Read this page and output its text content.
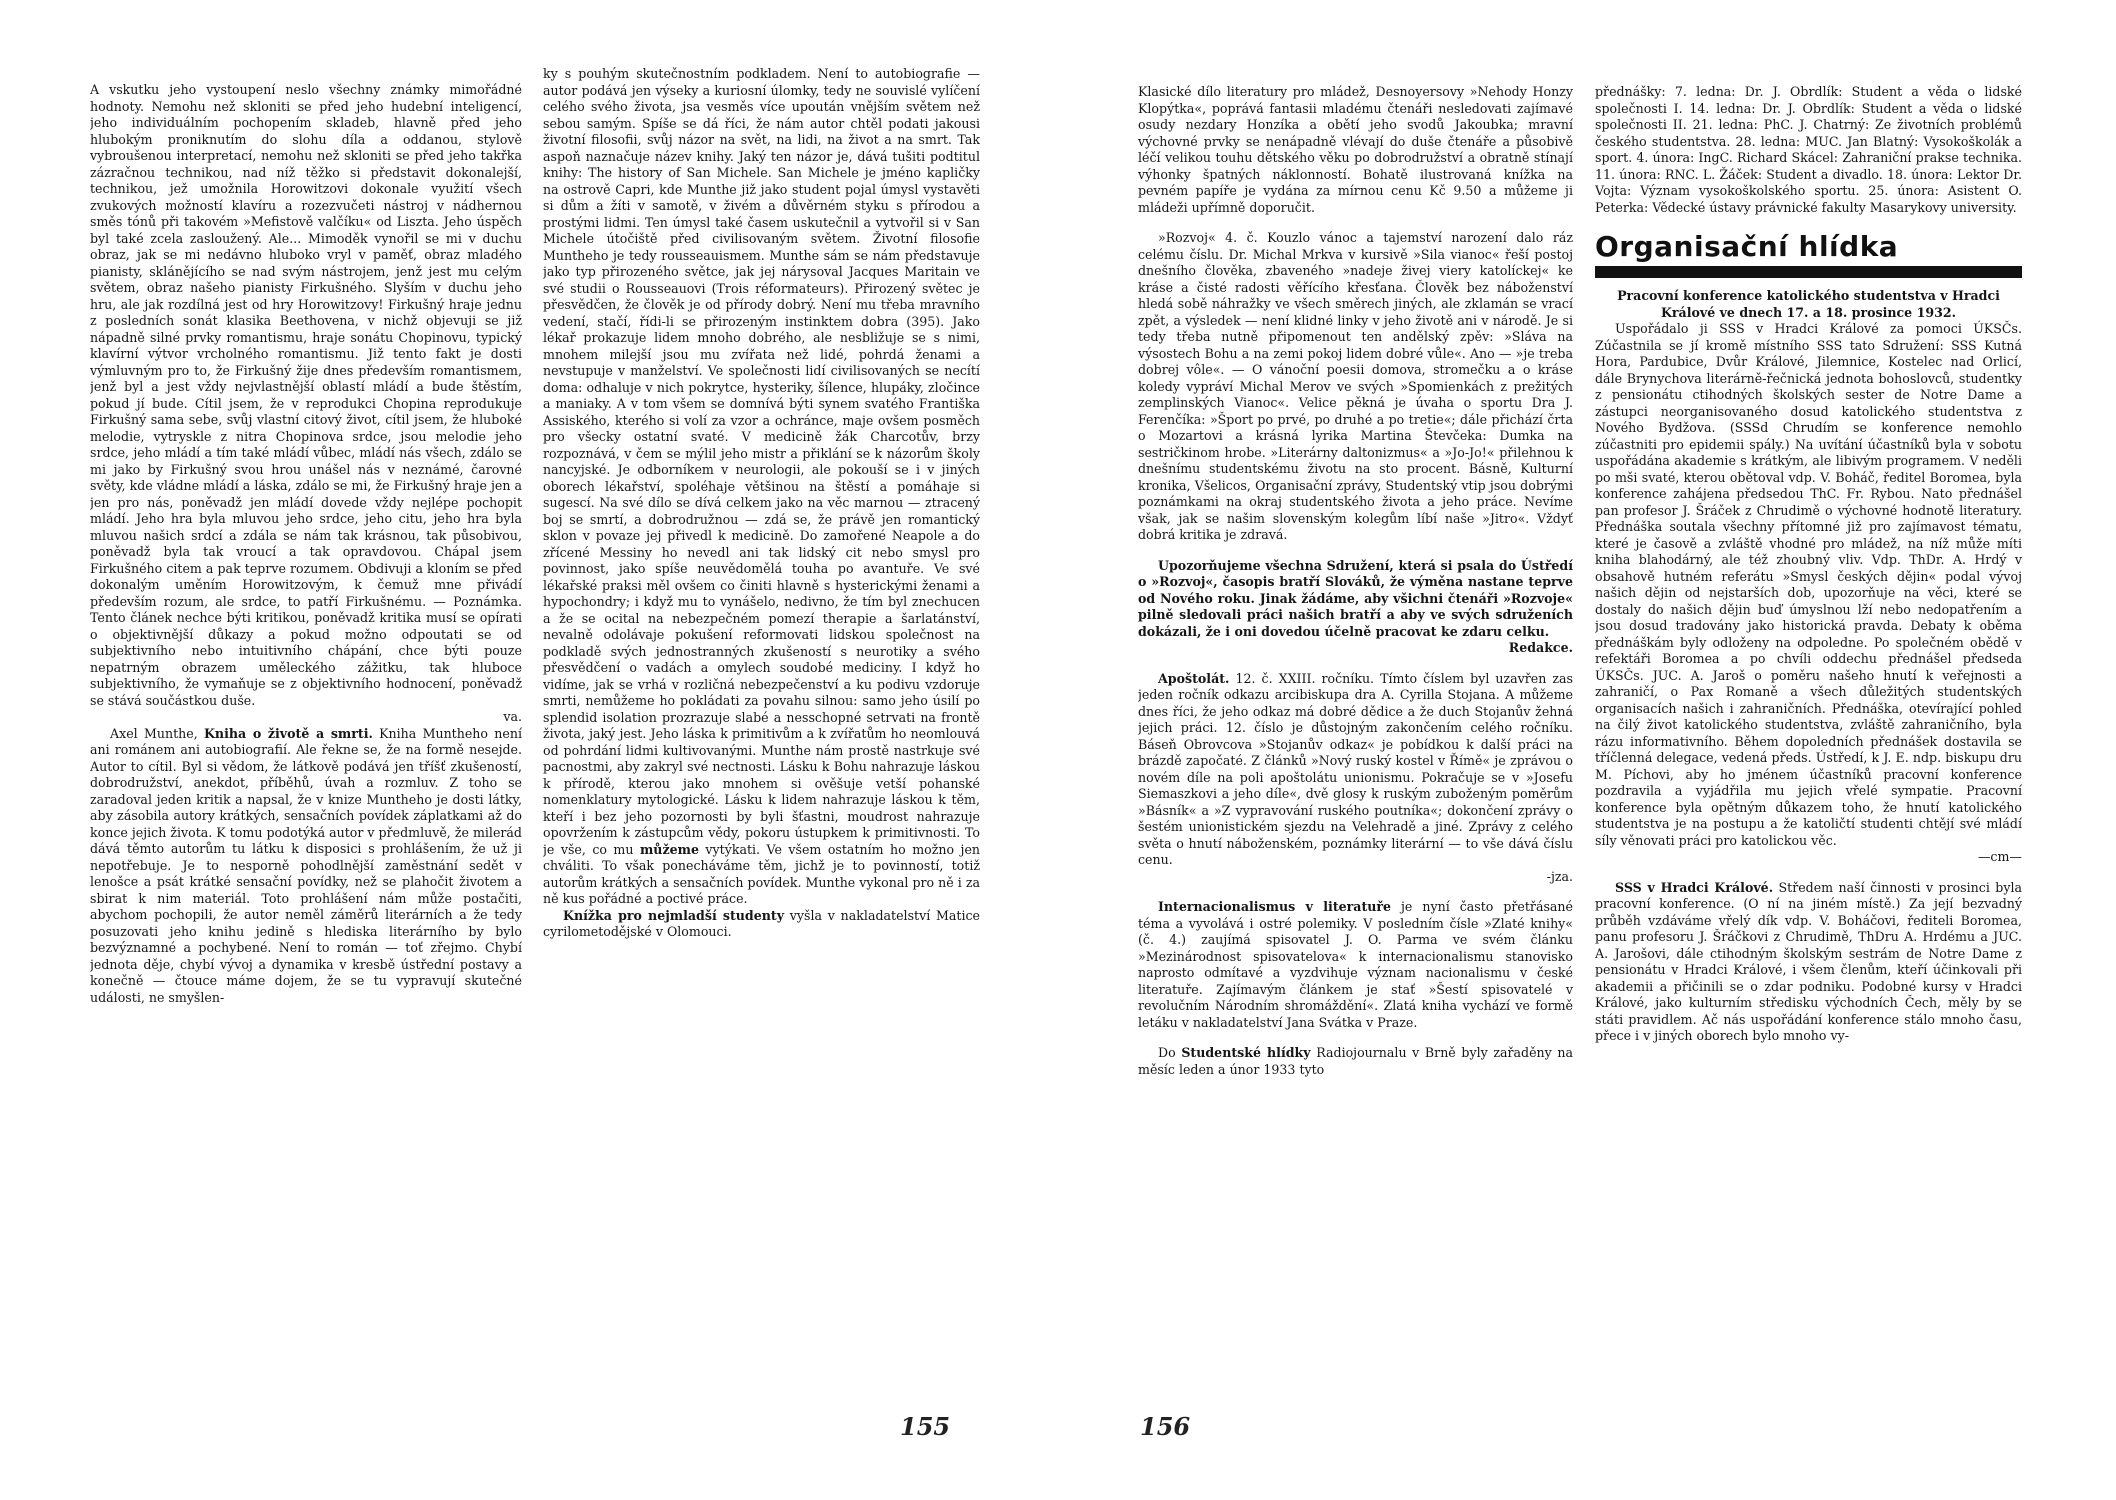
A vskutku jeho vystoupení neslo všechny známky mimořádné hodnoty. Nemohu než skloniti se před jeho hudební inteligencí, jeho individuálním pochopením skladeb, hlavně před jeho hlubokým proniknutím do slohu díla a oddanou, stylově vybroušenou interpretací, nemohu než skloniti se před jeho takřka zázračnou technikou, nad níž těžko si představit dokonalejší, technikou, jež umožnila Horowitzovi dokonale využití všech zvukových možností klavíru a rozezvučeti nástroj v nádhernou směs tónů při takovém »Mefistově valčíku« od Liszta. Jeho úspěch byl také zcela zasloužený. Ale... Mimoděk vynořil se mi v duchu obraz, jak se mi nedávno hluboko vryl v paměť, obraz mladého pianisty, sklánějícího se nad svým nástrojem, jenž jest mu celým světem, obraz našeho pianisty Firkušného. Slyším v duchu jeho hru, ale jak rozdílná jest od hry Horowitzovy! Firkušný hraje jednu z posledních sonát klasika Beethovena, v nichž objevuji se již nápadně silné prvky romantismu, hraje sonátu Chopinovu, typický klavírní výtvor vrcholného romantismu. Již tento fakt je dosti výmluvným pro to, že Firkušný žije dnes především romantismem, jenž byl a jest vždy nejvlastnější oblastí mládí a bude štěstím, pokud jí bude. Cítil jsem, že v reprodukci Chopina reprodukuje Firkušný sama sebe, svůj vlastní citový život, cítil jsem, že hluboké melodie, vytryskle z nitra Chopinova srdce, jsou melodie jeho srdce, jeho mládí a tím také mládí vůbec, mládí nás všech, zdálo se mi jako by Firkušný svou hrou unášel nás v neznámé, čarovné světy, kde vládne mládí a láska, zdálo se mi, že Firkušný hraje jen a jen pro nás, poněvadž jen mládí dovede vždy nejlépe pochopit mládí. Jeho hra byla mluvou jeho srdce, jeho citu, jeho hra byla mluvou našich srdcí a zdála se nám tak krásnou, tak působivou, poněvadž byla tak vroucí a tak opravdovou. Chápal jsem Firkušného citem a pak teprve rozumem. Obdivuji a kloním se před dokonalým uměním Horowitzovým, k čemuž mne přivádí především rozum, ale srdce, to patří Firkušnému. — Poznámka. Tento článek nechce býti kritikou, poněvadž kritika musí se opírati o objektivnější důkazy a pokud možno odpoutati se od subjektivního nebo intuitivního chápání, chce býti pouze nepatrným obrazem uměleckého zážitku, tak hluboce subjektivního, že vymaňuje se z objektivního hodnocení, poněvadž se stává součástkou duše.

va.

Axel Munthe, Kniha o životě a smrti. Kniha Muntheho není ani románem ani autobiografií. Ale řekne se, že na formě nesejde. Autor to cítil. Byl si vědom, že látkově podává jen tříšť zkušeností, dobrodružství, anekdot, příběhů, úvah a rozmluv. Z toho se zaradoval jeden kritik a napsal, že v knize Muntheho je dosti látky, aby zásobila autory krátkých, sensačních povídek záplatkami až do konce jejich života. K tomu podotýká autor v předmluvě, že milerád dává těmto autorům tu látku k disposici s prohlášením, že už ji nepotřebuje. Je to nesporně pohodlnější zaměstnání sedět v lenošce a psát krátké sensační povídky, než se plahočit životem a sbirat k nim materiál. Toto prohlášení nám může postačiti, abychom pochopili, že autor neměl záměrů literárních a že tedy posuzovati jeho knihu jedině s hlediska literárního by bylo bezvýznamné a pochybené. Není to román — toť zřejmo. Chybí jednota děje, chybí vývoj a dynamika v kresbě ústřední postavy a konečně — čtouce máme dojem, že se tu vypravují skutečné události, ne smyšlen-

ky s pouhým skutečnostním podkladem. Není to autobiografie — autor podává jen výseky a kuriosní úlomky, tedy ne souvislé vylíčení celého svého života, jsa vesměs více upoután vnějším světem než sebou samým. Spíše se dá říci, že nám autor chtěl podati jakousi životní filosofii, svůj názor na svět, na lidi, na život a na smrt. Tak aspoň naznačuje název knihy. Jaký ten názor je, dává tušiti podtitul knihy: The history of San Michele. San Michele je jméno kapličky na ostrově Capri, kde Munthe již jako student pojal úmysl vystavěti si dům a žíti v samotě, v živém a důvěrném styku s přírodou a prostými lidmi. Ten úmysl také časem uskutečnil a vytvořil si v San Michele útočiště před civilisovaným světem. Životní filosofie Muntheho je tedy rousseauismem. Munthe sám se nám představuje jako typ přirozeného světce, jak jej nárysoval Jacques Maritain ve své studii o Rousseauovi (Trois réformateurs). Přirozený světec je přesvědčen, že člověk je od přírody dobrý. Není mu třeba mravního vedení, stačí, řídi-li se přirozeným instinktem dobra (395). Jako lékař prokazuje lidem mnoho dobrého, ale nesbližuje se s nimi, mnohem milejší jsou mu zvířata než lidé, pohrdá ženami a nevstupuje v manželství. Ve společnosti lidí civilisovaných se necítí doma: odhaluje v nich pokrytce, hysteriky, šílence, hlupáky, zločince a maniaky. A v tom všem se domnívá býti synem svatého Františka Assiského, kterého si volí za vzor a ochránce, maje ovšem posměch pro všecky ostatní svaté. V medicině žák Charcotův, brzy rozpoznává, v čem se mýlil jeho mistr a přiklání se k názorům školy nancyjské. Je odborníkem v neurologii, ale pokouší se i v jiných oborech lékařství, spoléhaje většinou na štěstí a pomáhaje si sugescí. Na své dílo se dívá celkem jako na věc marnou — ztracený boj se smrtí, a dobrodružnou — zdá se, že právě jen romantický sklon v povaze jej přivedl k medicině. Do zamořené Neapole a do zřícené Messiny ho nevedl ani tak lidský cit nebo smysl pro povinnost, jako spíše neuvědomělá touha po avantuře. Ve své lékařské praksi měl ovšem co činiti hlavně s hysterickými ženami a hypochondry; i když mu to vynášelo, nedivno, že tím byl znechucen a že se ocital na nebezpečném pomezí therapie a šarlatánství, nevalně odolávaje pokušení reformovati lidskou společnost na podkladě svých jednostranných zkušeností s neurotiky a svého přesvědčení o vadách a omylech soudobé mediciny. I když ho vidíme, jak se vrhá v rozličná nebezpečenství a ku podivu vzdoruje smrti, nemůžeme ho pokládati za povahu silnou: samo jeho úsilí po splendid isolation prozrazuje slabé a nesschopné setrvati na frontě života, jaký jest. Jeho láska k primitivům a k zvířatům ho neomlouvá od pohrdání lidmi kultivovanými. Munthe nám prostě nastrkuje své pacnostmi, aby zakryl své nectnosti. Lásku k Bohu nahrazuje láskou k přírodě, kterou jako mnohem si ověšuje vetší pohanské nomenklatury mytologické. Lásku k lidem nahrazuje láskou k těm, kteří i bez jeho pozornosti by byli šťastni, moudrost nahrazuje opovržením k zástupcům vědy, pokoru ústupkem k primitivnosti. To je vše, co mu můžeme vytýkati. Ve všem ostatním ho možno jen chváliti. To však ponecháváme těm, jichž je to povinností, totiž autorům krátkých a sensačních povídek. Munthe vykonal pro ně i za ně kus pořádné a poctivé práce.

Knížka pro nejmladší studenty vyšla v nakladatelství Matice cyrilometodějské v Olomouci.

155

Klasické dílo literatury pro mládež, Desnoyersovy »Nehody Honzy Klopýtka«, poprává fantasii mladému čtenáři nesledovati zajímavé osudy nezdary Honzíka a obětí jeho svodů Jakoubka; mravní výchovné prvky se nenápadně vlévají do duše čtenáře a působivě léčí velikou touhu dětského věku po dobrodružství a obratně stínají výhonky špatných náklonností. Bohatě ilustrovaná knížka na pevném papíře je vydána za mírnou cenu Kč 9.50 a můžeme ji mládeži upřímně doporučit.

»Rozvoj« 4. č. Kouzlo vánoc a tajemství narození dalo ráz celému číslu. Dr. Michal Mrkva v kursivě »Sila vianoc« řeší postoj dnešního člověka, zbaveného »nadeje živej viery katolíckej« ke kráse a čisté radosti věřícího křesťana. Člověk bez náboženství hledá sobě náhražky ve všech směrech jiných, ale zklamán se vrací zpět, a výsledek — není klidné linky v jeho životě ani v národě. Je si tedy třeba nutně připomenout ten andělský zpěv: »Sláva na výsostech Bohu a na zemi pokoj lidem dobré vůle«. Ano — »je treba dobrej vôle«. — O vánoční poesii domova, stromečku a o kráse koledy vypráví Michal Merov ve svých »Spomienkách z prežitých zemplinských Vianoc«. Velice pěkná je úvaha o sportu Dra J. Ferenčíka: »Šport po prvé, po druhé a po tretie«; dále přichází črta o Mozartovi a krásná lyrika Martina Števčeka: Dumka na sestričkinom hrobe. »Literárny daltonizmus« a »Jo-Jo!« přilehnou k dnešnímu studentskému životu na sto procent. Básně, Kulturní kronika, Všelicos, Organisační zprávy, Studentský vtip jsou dobrými poznámkami na okraj studentského života a jeho práce. Nevíme však, jak se našim slovenským kolegům líbí naše »Jitro«. Vždyť dobrá kritika je zdravá.

Upozorňujeme všechna Sdružení, která si psala do Ústředí o »Rozvoj«, časopis bratří Slováků, že výměna nastane teprve od Nového roku. Jinak žádáme, aby všichni čtenáři »Rozvoje« pilně sledovali práci našich bratří a aby ve svých sdruženích dokázali, že i oni dovedou účelně pracovat ke zdaru celku.
Redakce.

Apoštolát. 12. č. XXIII. ročníku. Tímto číslem byl uzavřen zas jeden ročník odkazu arcibiskupa dra A. Cyrilla Stojana. A můžeme dnes říci, že jeho odkaz má dobré dědice a že duch Stojanův žehná jejich práci. 12. číslo je důstojným zakončením celého ročníku. Báseň Obrovcova »Stojanův odkaz« je pobídkou k další práci na brázdě započaté. Z článků »Nový ruský kostel v Římě« je zprávou o novém díle na poli apoštolátu unionismu. Pokračuje se v »Josefu Siemaszkovi a jeho díle«, dvě glosy k ruským zuboženým poměrům »Básník« a »Z vypravování ruského poutníka«; dokončení zprávy o šestém unionistickém sjezdu na Velehradě a jiné. Zprávy z celého světa o hnutí náboženském, poznámky literární — to vše dává číslu cenu.
-jza.

Internacionalismus v literatuře je nyní často přetřásané téma a vyvolává i ostré polemiky. V posledním čísle »Zlaté knihy« (č. 4.) zaujímá spisovatel J. O. Parma ve svém článku »Mezinárodnost spisovatelova« k internacionalismu stanovisko naprosto odmítavé a vyzdvihuje význam nacionalismu v české literatuře. Zajímavým článkem je stať »Šestí spisovatelé v revolučním Národním shromáždění«. Zlatá kniha vychází ve formě letáku v nakladatelství Jana Svátka v Praze.

Do Studentské hlídky Radiojournalu v Brně byly zařaděny na měsíc leden a únor 1933 tyto

přednášky: 7. ledna: Dr. J. Obrdlík: Student a věda o lidské společnosti I. 14. ledna: Dr. J. Obrdlík: Student a věda o lidské společnosti II. 21. ledna: PhC. J. Chatrný: Ze životních problémů českého studentstva. 28. ledna: MUC. Jan Blatný: Vysokoškolák a sport. 4. února: IngC. Richard Skácel: Zahraniční prakse technika. 11. února: RNC. L. Žáček: Student a divadlo. 18. února: Lektor Dr. Vojta: Význam vysokoškolského sportu. 25. února: Asistent O. Peterka: Vědecké ústavy právnické fakulty Masarykovy university.

Organisační hlídka

Pracovní konference katolického studentstva v Hradci Králové ve dnech 17. a 18. prosince 1932.

Uspořádalo ji SSS v Hradci Králové za pomoci ÚKSČs. Zúčastnila se jí kromě místního SSS tato Sdružení: SSS Kutná Hora, Pardubice, Dvůr Králové, Jilemnice, Kostelec nad Orlicí, dále Brynychova literárně-řečnická jednota bohoslovců, studentky z pensionátu ctihodných školských sester de Notre Dame a zástupci neorganisovaného dosud katolického studentstva z Nového Bydžova. (SSSd Chrudím se konference nemohlo zúčastniti pro epidemii spály.) Na uvítání účastníků byla v sobotu uspořádána akademie s krátkým, ale libivým programem. V neděli po mši svaté, kterou obětoval vdp. V. Boháč, ředitel Boromea, byla konference zahájena předsedou ThC. Fr. Rybou. Nato přednášel pan profesor J. Šráček z Chrudimě o výchovné hodnotě literatury. Přednáška soutala všechny přítomné již pro zajímavost tématu, které je časově a zvláště vhodné pro mládež, na níž může míti kniha blahodárný, ale též zhoubný vliv. Vdp. ThDr. A. Hrdý v obsahově hutném referátu »Smysl českých dějin« podal vývoj našich dějin od nejstarších dob, upozorňuje na věci, které se dostaly do našich dějin buď úmyslnou lží nebo nedopatřením a jsou dosud tradovány jako historická pravda. Debaty k oběma přednáškám byly odloženy na odpoledne. Po společném obědě v refektáři Boromea a po chvíli oddechu přednášel předseda ÚKSČs. JUC. A. Jaroš o poměru našeho hnutí k veřejnosti a zahraničí, o Pax Romaně a všech důležitých studentských organisacích našich i zahraničních. Přednáška, otevírající pohled na čilý život katolického studentstva, zvláště zahraničního, byla rázu informativního. Během dopoledních přednášek dostavila se tříčlenná delegace, vedená předs. Ústředí, k J. E. ndp. biskupu dru M. Píchovi, aby ho jménem účastníků pracovní konference pozdravila a vyjádřila mu jejich vřelé sympatie. Pracovní konference byla opětným důkazem toho, že hnutí katolického studentstva je na postupu a že katoličtí studenti chtějí své mládí síly věnovati práci pro katolickou věc.

—cm—

SSS v Hradci Králové. Středem naší činnosti v prosinci byla pracovní konference. (O ní na jiném místě.) Za její bezvadný průběh vzdáváme vřelý dík vdp. V. Boháčovi, řediteli Boromea, panu profesoru J. Šráčkovi z Chrudimě, ThDru A. Hrdému a JUC. A. Jarošovi, dále ctihodným školským sestrám de Notre Dame z pensionátu v Hradci Králové, i všem členům, kteří účinkovali při akademii a přičinili se o zdar podniku. Podobné kursy v Hradci Králové, jako kulturním středisku východních Čech, měly by se státi pravidlem. Ač nás uspořádání konference stálo mnoho času, přece i v jiných oborech bylo mnoho vy-

156
